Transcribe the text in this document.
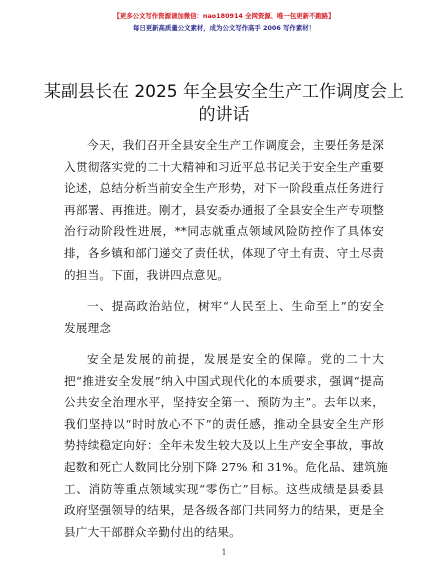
【更多公文写作资源请加微信：nao180914 全网资源、唯一包更新不跑路】
每日更新高质量公文素材，成为公文写作高手 2006 写作素材！
某副县长在 2025 年全县安全生产工作调度会上
的讲话
今天，我们召开全县安全生产工作调度会，主要任务是深
入贯彻落实党的二十大精神和习近平总书记关于安全生产重要
论述，总结分析当前安全生产形势，对下一阶段重点任务进行
再部署、再推进。刚才，县安委办通报了全县安全生产专项整
治行动阶段性进展，**同志就重点领域风险防控作了具体安
排，各乡镇和部门递交了责任状，体现了守土有责、守土尽责
的担当。下面，我讲四点意见。
一、提高政治站位，树牢“人民至上、生命至上”的安全
发展理念
安全是发展的前提，发展是安全的保障。党的二十大
把“推进安全发展”纳入中国式现代化的本质要求，强调“提高
公共安全治理水平，坚持安全第一、预防为主”。去年以来，
我们坚持以“时时放心不下”的责任感，推动全县安全生产形
势持续稳定向好：全年未发生较大及以上生产安全事故，事故
起数和死亡人数同比分别下降 27% 和 31%。危化品、建筑施
工、消防等重点领域实现“零伤亡”目标。这些成绩是县委县
政府坚强领导的结果，是各级各部门共同努力的结果，更是全
县广大干部群众辛勤付出的结果。
1
